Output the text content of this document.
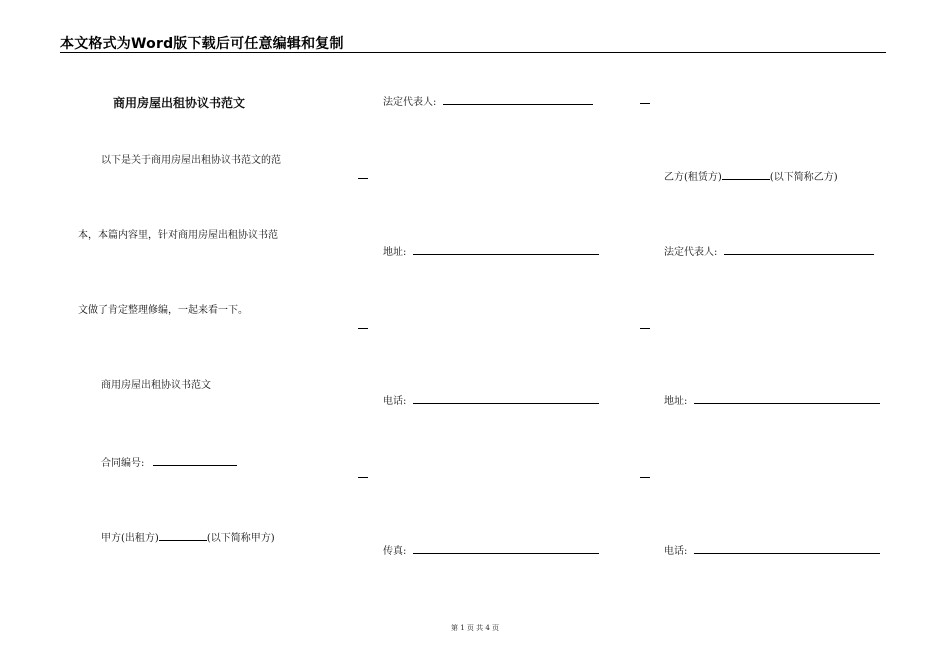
本文格式为Word版下载后可任意编辑和复制
商用房屋出租协议书范文
以下是关于商用房屋出租协议书范文的范
本，本篇内容里，针对商用房屋出租协议书范
文做了肯定整理修编，一起来看一下。
商用房屋出租协议书范文
合同编号:
甲方(出租方)	(以下简称甲方)
法定代表人:
地址:
电话:
传真:
乙方(租赁方)	(以下简称乙方)
法定代表人:
地址:
电话:
第 1 页 共 4 页
